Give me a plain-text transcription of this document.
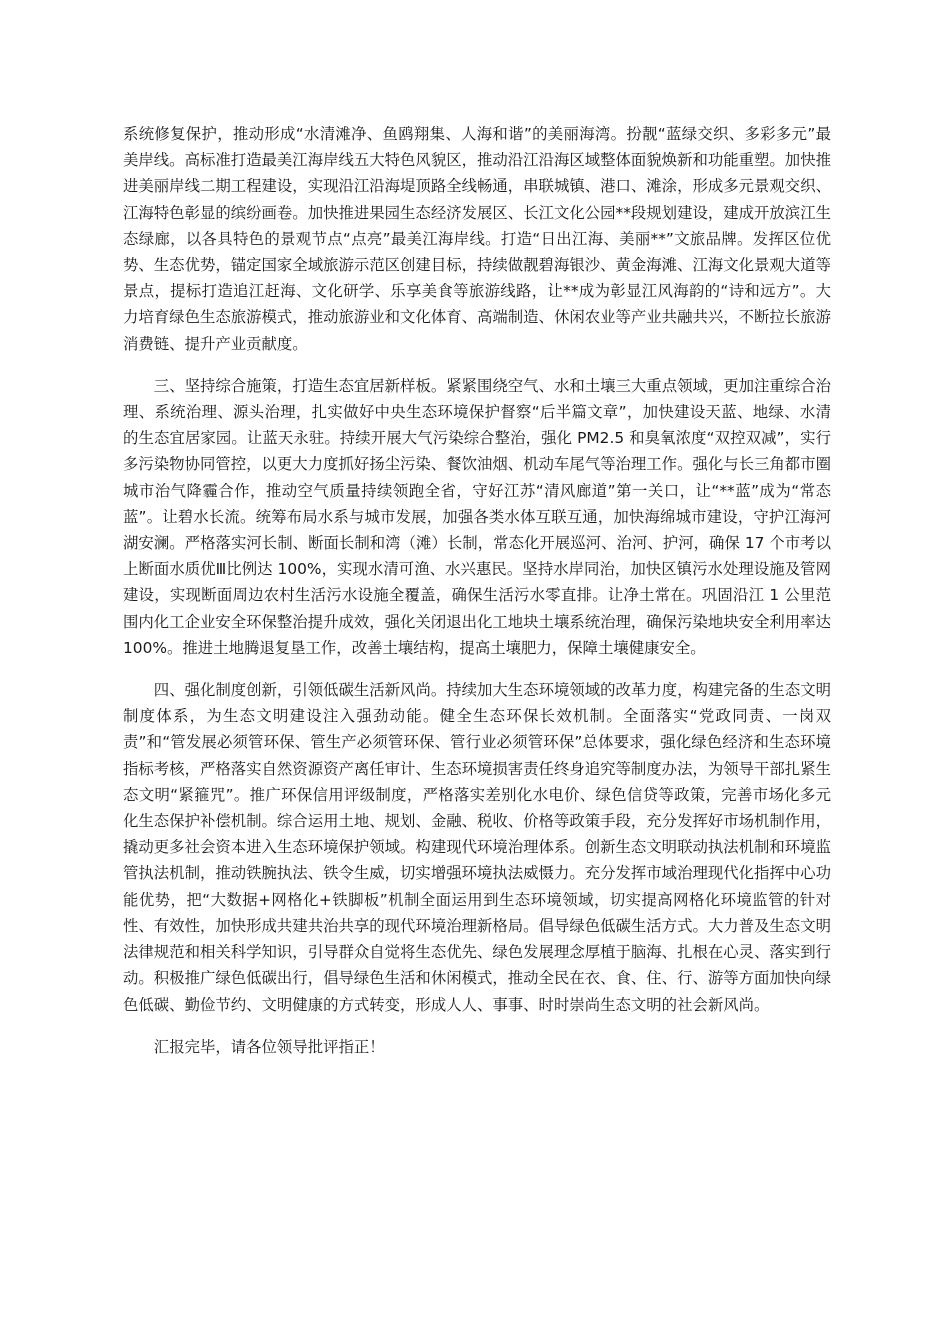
系统修复保护，推动形成“水清滩净、鱼鸥翔集、人海和谐”的美丽海湾。扮靓“蓝绿交织、多彩多元”最美岸线。高标准打造最美江海岸线五大特色风貌区，推动沿江沿海区域整体面貌焕新和功能重塑。加快推进美丽岸线二期工程建设，实现沿江沿海堤顶路全线畅通，串联城镇、港口、滩涂，形成多元景观交织、江海特色彰显的缤纷画卷。加快推进果园生态经济发展区、长江文化公园**段规划建设，建成开放滨江生态绿廊，以各具特色的景观节点“点亮”最美江海岸线。打造“日出江海、美丽**”文旅品牌。发挥区位优势、生态优势，锚定国家全域旅游示范区创建目标，持续做靓碧海银沙、黄金海滩、江海文化景观大道等景点，提标打造追江赶海、文化研学、乐享美食等旅游线路，让**成为彰显江风海韵的“诗和远方”。大力培育绿色生态旅游模式，推动旅游业和文化体育、高端制造、休闲农业等产业共融共兴，不断拉长旅游消费链、提升产业贡献度。

三、坚持综合施策，打造生态宜居新样板。紧紧围绕空气、水和土壤三大重点领域，更加注重综合治理、系统治理、源头治理，扎实做好中央生态环境保护督察“后半篇文章”，加快建设天蓝、地绿、水清的生态宜居家园。让蓝天永驻。持续开展大气污染综合整治，强化 PM2.5 和臭氧浓度“双控双减”，实行多污染物协同管控，以更大力度抓好扬尘污染、餐饮油烟、机动车尾气等治理工作。强化与长三角都市圈城市治气降霾合作，推动空气质量持续领跑全省，守好江苏“清风廊道”第一关口，让“**蓝”成为“常态蓝”。让碧水长流。统筹布局水系与城市发展，加强各类水体互联互通，加快海绵城市建设，守护江海河湖安澜。严格落实河长制、断面长制和湾（滩）长制，常态化开展巡河、治河、护河，确保 17 个市考以上断面水质优Ⅲ比例达 100%，实现水清可渔、水兴惠民。坚持水岸同治，加快区镇污水处理设施及管网建设，实现断面周边农村生活污水设施全覆盖，确保生活污水零直排。让净土常在。巩固沿江 1 公里范围内化工企业安全环保整治提升成效，强化关闭退出化工地块土壤系统治理，确保污染地块安全利用率达 100%。推进土地腾退复垦工作，改善土壤结构，提高土壤肥力，保障土壤健康安全。

四、强化制度创新，引领低碳生活新风尚。持续加大生态环境领域的改革力度，构建完备的生态文明制度体系，为生态文明建设注入强劲动能。健全生态环保长效机制。全面落实“党政同责、一岗双责”和“管发展必须管环保、管生产必须管环保、管行业必须管环保”总体要求，强化绿色经济和生态环境指标考核，严格落实自然资源资产离任审计、生态环境损害责任终身追究等制度办法，为领导干部扎紧生态文明“紧箍咒”。推广环保信用评级制度，严格落实差别化水电价、绿色信贷等政策，完善市场化多元化生态保护补偿机制。综合运用土地、规划、金融、税收、价格等政策手段，充分发挥好市场机制作用，撬动更多社会资本进入生态环境保护领域。构建现代环境治理体系。创新生态文明联动执法机制和环境监管执法机制，推动铁腕执法、铁令生威，切实增强环境执法威慑力。充分发挥市域治理现代化指挥中心功能优势，把“大数据+网格化+铁脚板”机制全面运用到生态环境领域，切实提高网格化环境监管的针对性、有效性，加快形成共建共治共享的现代环境治理新格局。倡导绿色低碳生活方式。大力普及生态文明法律规范和相关科学知识，引导群众自觉将生态优先、绿色发展理念厚植于脑海、扎根在心灵、落实到行动。积极推广绿色低碳出行，倡导绿色生活和休闲模式，推动全民在衣、食、住、行、游等方面加快向绿色低碳、勤俭节约、文明健康的方式转变，形成人人、事事、时时崇尚生态文明的社会新风尚。

汇报完毕，请各位领导批评指正！
